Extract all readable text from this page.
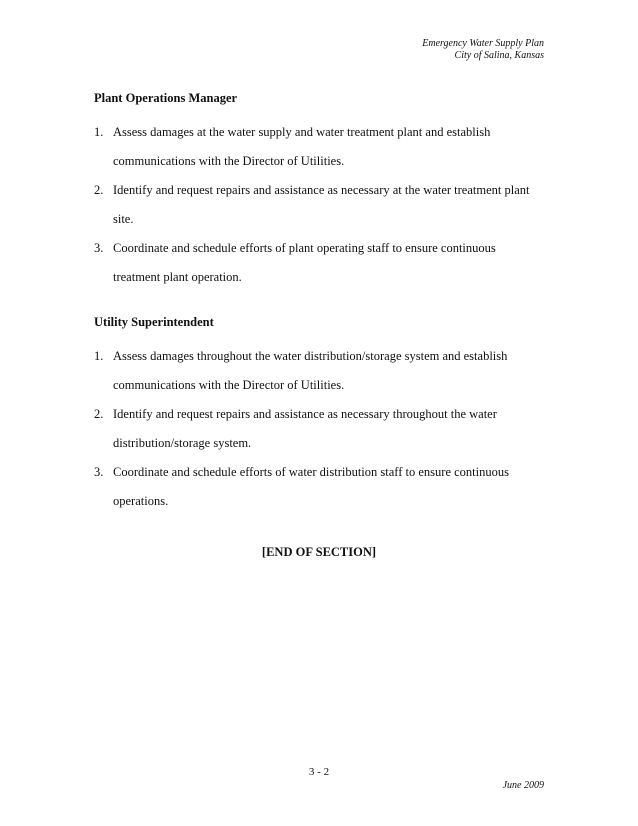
Emergency Water Supply Plan
City of Salina, Kansas

Plant Operations Manager

1. Assess damages at the water supply and water treatment plant and establish communications with the Director of Utilities.
2. Identify and request repairs and assistance as necessary at the water treatment plant site.
3. Coordinate and schedule efforts of plant operating staff to ensure continuous treatment plant operation.

Utility Superintendent

1. Assess damages throughout the water distribution/storage system and establish communications with the Director of Utilities.
2. Identify and request repairs and assistance as necessary throughout the water distribution/storage system.
3. Coordinate and schedule efforts of water distribution staff to ensure continuous operations.
[END OF SECTION]
3 - 2
June 2009
